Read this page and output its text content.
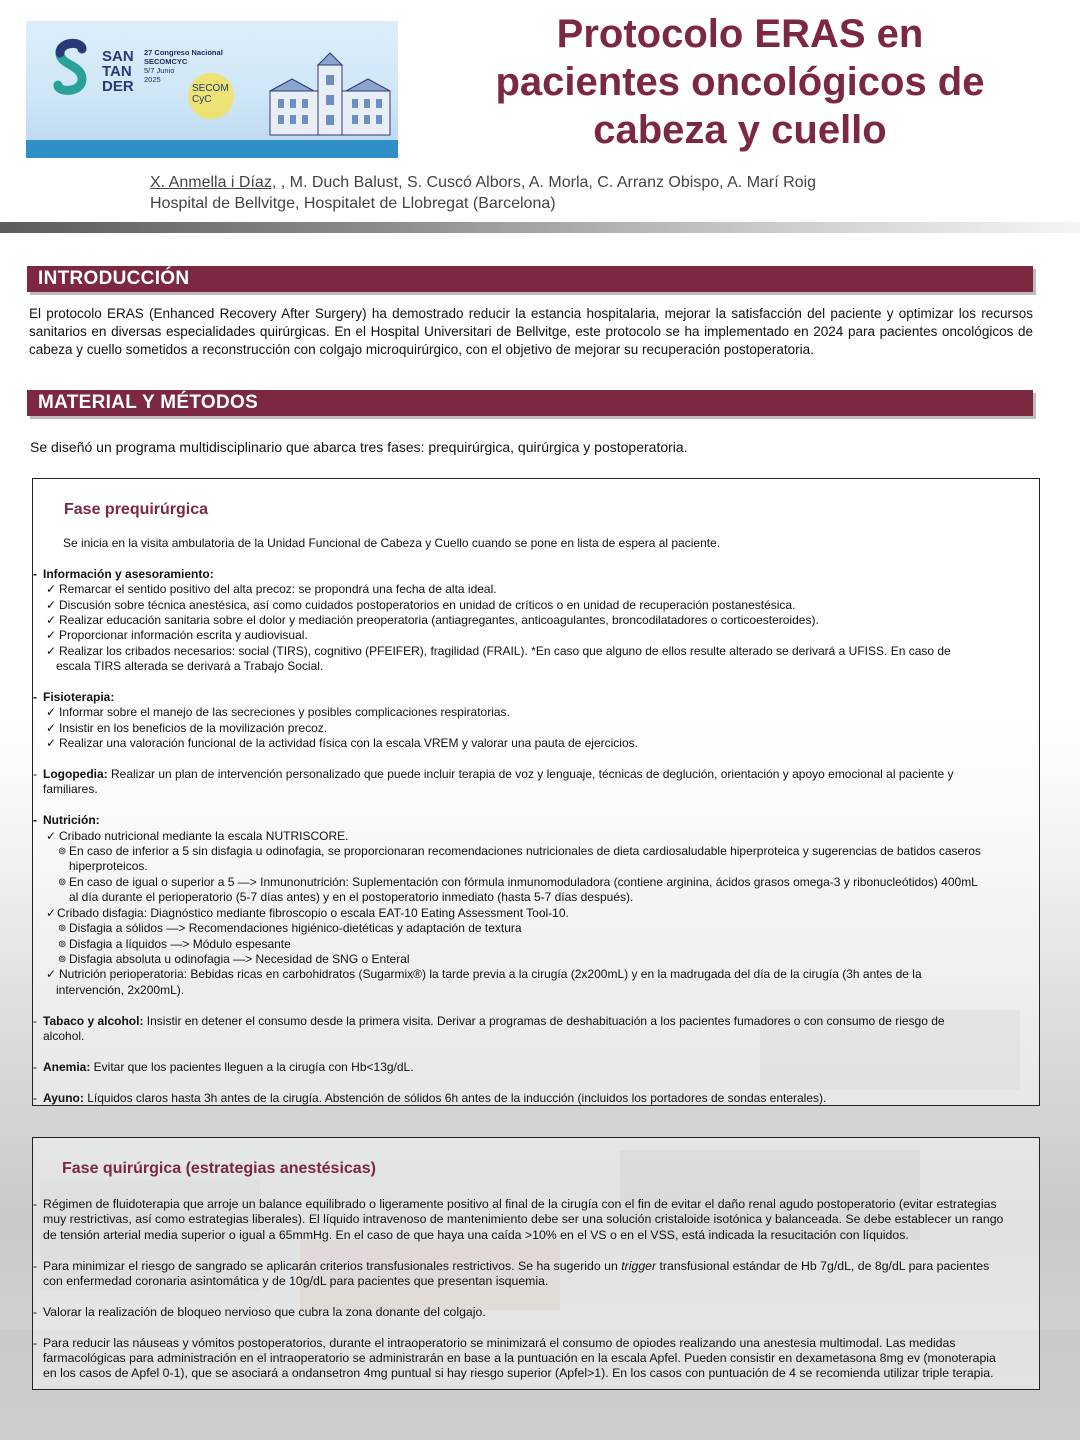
SAN
TAN
DER
27 Congreso Nacional
SECOMCYC
5/7 Junio
2025
SECOM
CyC
Protocolo ERAS en
pacientes oncológicos de
cabeza y cuello
X. Anmella i Díaz, , M. Duch Balust, S. Cuscó Albors, A. Morla, C. Arranz Obispo, A. Marí Roig
Hospital de Bellvitge, Hospitalet de Llobregat (Barcelona)
INTRODUCCIÓN

El protocolo ERAS (Enhanced Recovery After Surgery) ha demostrado reducir la estancia hospitalaria, mejorar la satisfacción del paciente y optimizar los recursos sanitarios en diversas especialidades quirúrgicas. En el Hospital Universitari de Bellvitge, este protocolo se ha implementado en 2024 para pacientes oncológicos de cabeza y cuello sometidos a reconstrucción con colgajo microquirúrgico, con el objetivo de mejorar su recuperación postoperatoria.

MATERIAL Y MÉTODOS

Se diseñó un programa multidisciplinario que abarca tres fases: prequirúrgica, quirúrgica y postoperatoria.

Fase prequirúrgica
Se inicia en la visita ambulatoria de la Unidad Funcional de Cabeza y Cuello cuando se pone en lista de espera al paciente.
- Información y asesoramiento:
✓ Remarcar el sentido positivo del alta precoz: se propondrá una fecha de alta ideal.
✓ Discusión sobre técnica anestésica, así como cuidados postoperatorios en unidad de críticos o en unidad de recuperación postanestésica.
✓ Realizar educación sanitaria sobre el dolor y mediación preoperatoria (antiagregantes, anticoagulantes, broncodilatadores o corticoesteroides).
✓ Proporcionar información escrita y audiovisual.
✓ Realizar los cribados necesarios: social (TIRS), cognitivo (PFEIFER), fragilidad (FRAIL). *En caso que alguno de ellos resulte alterado se derivará a UFISS. En caso de
escala TIRS alterada se derivará a Trabajo Social.
- Fisioterapia:
✓ Informar sobre el manejo de las secreciones y posibles complicaciones respiratorias.
✓ Insistir en los beneficios de la movilización precoz.
✓ Realizar una valoración funcional de la actividad física con la escala VREM y valorar una pauta de ejercicios.
- Logopedia: Realizar un plan de intervención personalizado que puede incluir terapia de voz y lenguaje, técnicas de deglución, orientación y apoyo emocional al paciente y
familiares.
- Nutrición:
✓ Cribado nutricional mediante la escala NUTRISCORE.
⊚ En caso de inferior a 5 sin disfagia u odinofagia, se proporcionaran recomendaciones nutricionales de dieta cardiosaludable hiperproteica y sugerencias de batidos caseros
hiperproteicos.
⊚ En caso de igual o superior a 5 —> Inmunonutrición: Suplementación con fórmula inmunomoduladora (contiene arginina, ácidos grasos omega-3 y ribonucleótidos) 400mL
al día durante el perioperatorio (5-7 días antes) y en el postoperatorio inmediato (hasta 5-7 días después).
✓ Cribado disfagia: Diagnóstico mediante fibroscopio o escala EAT-10 Eating Assessment Tool-10.
⊚ Disfagia a sólidos —> Recomendaciones higiénico-dietéticas y adaptación de textura
⊚ Disfagia a líquidos —> Módulo espesante
⊚ Disfagia absoluta u odinofagia —> Necesidad de SNG o Enteral
✓ Nutrición perioperatoria: Bebidas ricas en carbohidratos (Sugarmix®) la tarde previa a la cirugía (2x200mL) y en la madrugada del día de la cirugía (3h antes de la
intervención, 2x200mL).
- Tabaco y alcohol: Insistir en detener el consumo desde la primera visita. Derivar a programas de deshabituación a los pacientes fumadores o con consumo de riesgo de
alcohol.
- Anemia: Evitar que los pacientes lleguen a la cirugía con Hb<13g/dL.
- Ayuno: Líquidos claros hasta 3h antes de la cirugía. Abstención de sólidos 6h antes de la inducción (incluidos los portadores de sondas enterales).
Fase quirúrgica (estrategias anestésicas)
- Régimen de fluidoterapia que arroje un balance equilibrado o ligeramente positivo al final de la cirugía con el fin de evitar el daño renal agudo postoperatorio (evitar estrategias
muy restrictivas, así como estrategias liberales). El líquido intravenoso de mantenimiento debe ser una solución cristaloide isotónica y balanceada. Se debe establecer un rango
de tensión arterial media superior o igual a 65mmHg. En el caso de que haya una caída >10% en el VS o en el VSS, está indicada la resucitación con líquidos.
- Para minimizar el riesgo de sangrado se aplicarán criterios transfusionales restrictivos. Se ha sugerido un trigger transfusional estándar de Hb 7g/dL, de 8g/dL para pacientes
con enfermedad coronaria asintomática y de 10g/dL para pacientes que presentan isquemia.
- Valorar la realización de bloqueo nervioso que cubra la zona donante del colgajo.
- Para reducir las náuseas y vómitos postoperatorios, durante el intraoperatorio se minimizará el consumo de opiodes realizando una anestesia multimodal. Las medidas
farmacológicas para administración en el intraoperatorio se administrarán en base a la puntuación en la escala Apfel. Pueden consistir en dexametasona 8mg ev (monoterapia
en los casos de Apfel 0-1), que se asociará a ondansetron 4mg puntual si hay riesgo superior (Apfel>1). En los casos con puntuación de 4 se recomienda utilizar triple terapia.
